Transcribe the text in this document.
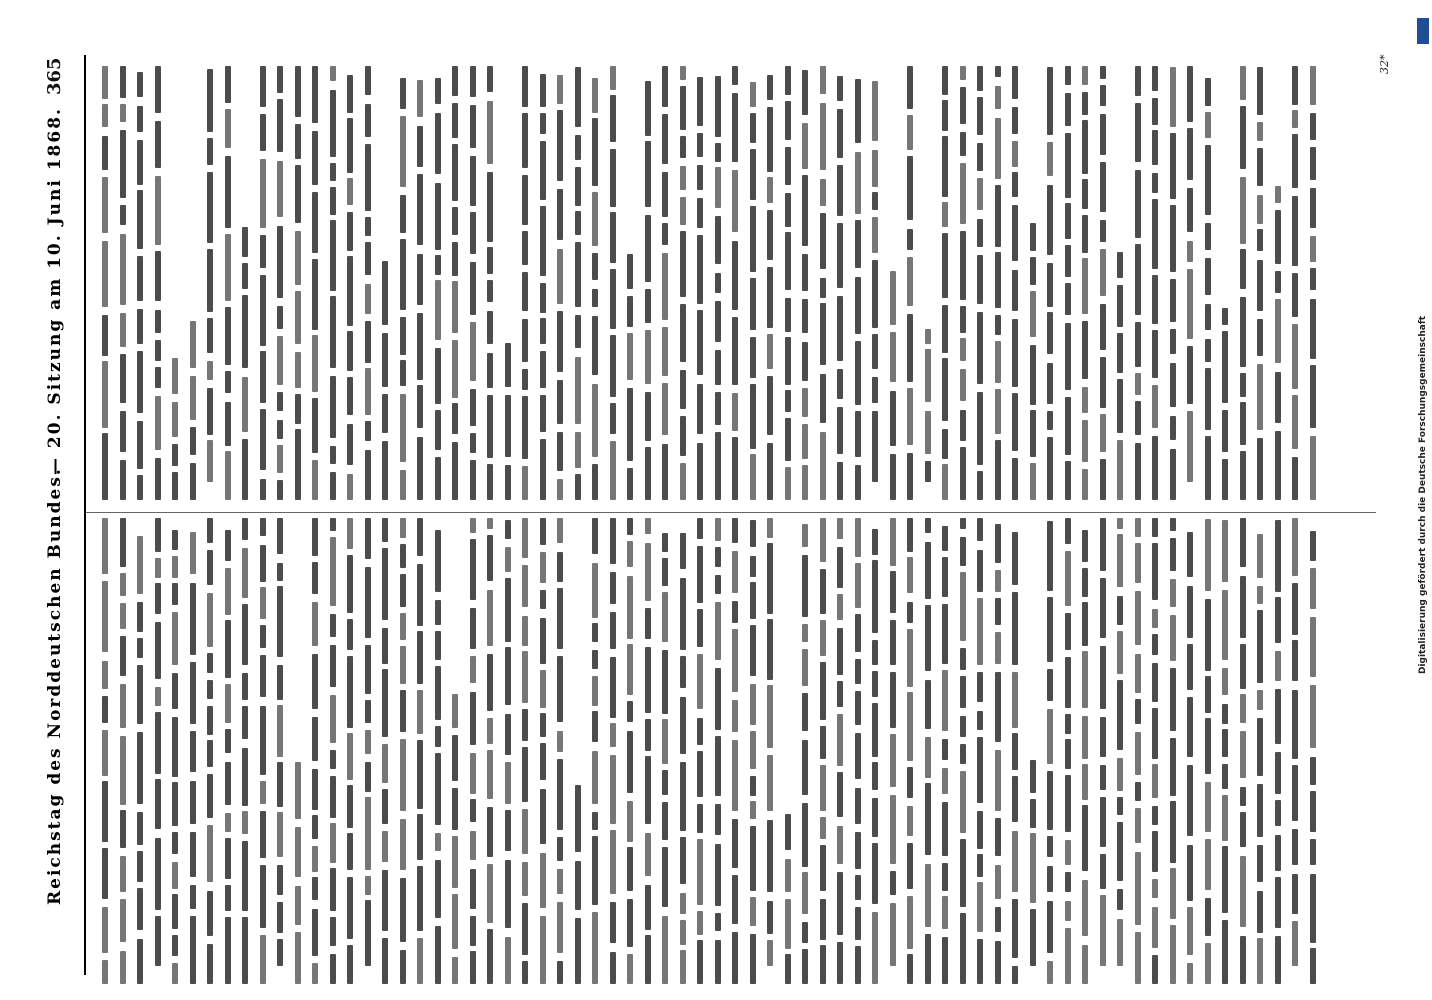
Reichstag des Norddeutschen Bundes.
— 20. Sitzung am 10. Juni 1868.
365	32*
Digitalisierung gefördert durch die Deutsche Forschungsgemeinschaft
